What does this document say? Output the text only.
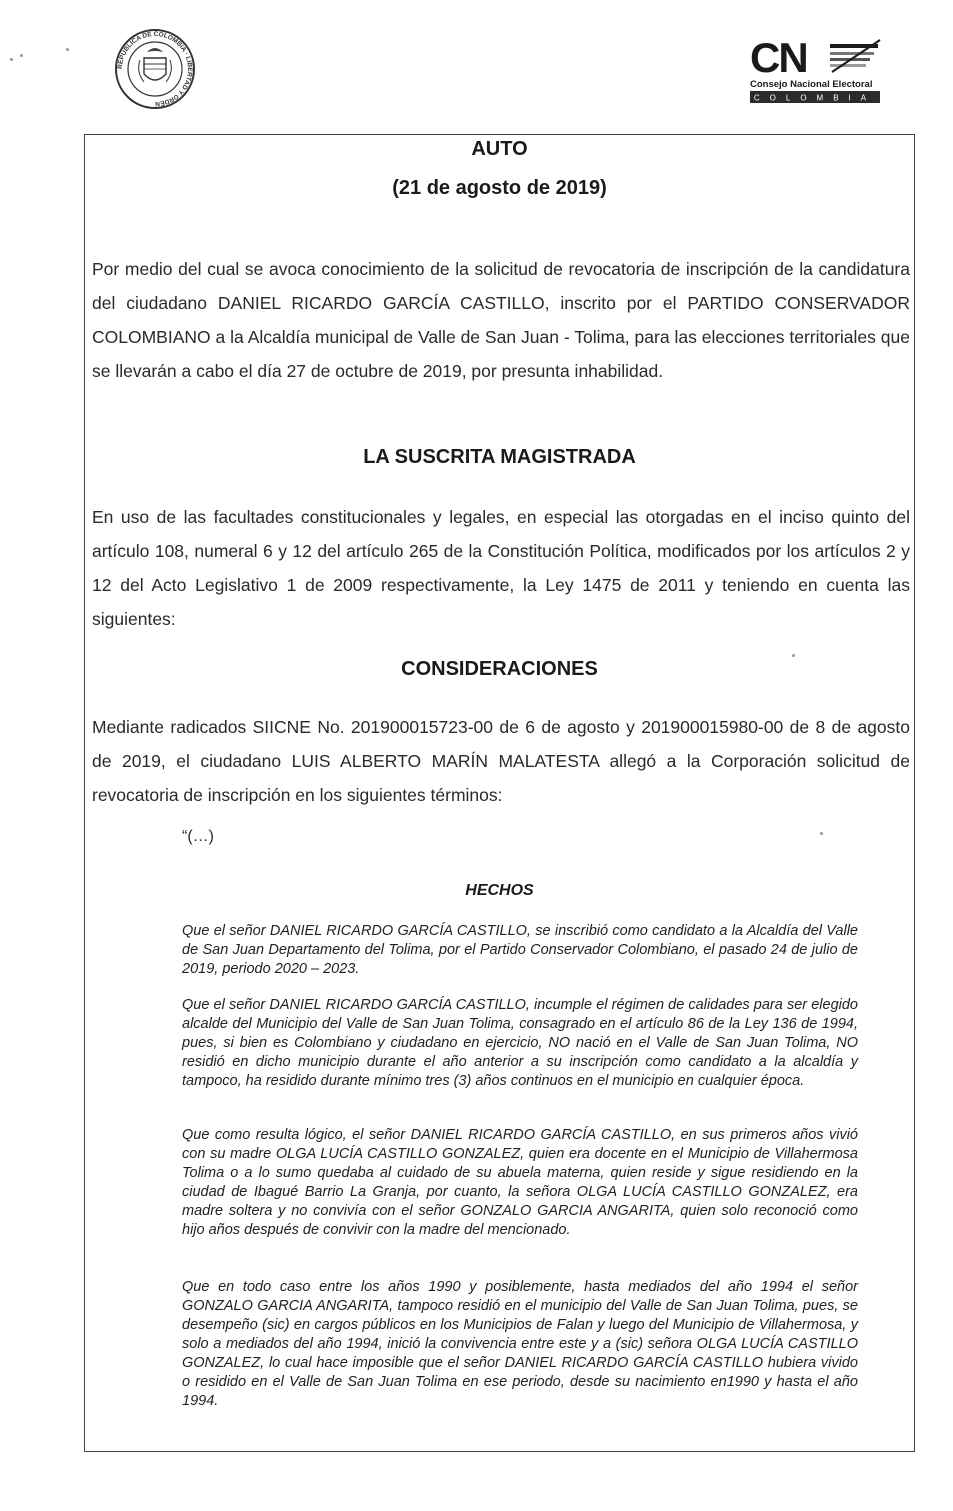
REPÚBLICA DE COLOMBIA · LIBERTAD Y ORDEN
CN
Consejo Nacional Electoral
COLOMBIA
AUTO
(21 de agosto de 2019)
Por medio del cual se avoca conocimiento de la solicitud de revocatoria de inscripción de la candidatura del ciudadano DANIEL RICARDO GARCÍA CASTILLO, inscrito por el PARTIDO CONSERVADOR COLOMBIANO a la Alcaldía municipal de Valle de San Juan - Tolima, para las elecciones territoriales que se llevarán a cabo el día 27 de octubre de 2019, por presunta inhabilidad.
LA SUSCRITA MAGISTRADA
En uso de las facultades constitucionales y legales, en especial las otorgadas en el inciso quinto del artículo 108, numeral 6 y 12 del artículo 265 de la Constitución Política, modificados por los artículos 2 y 12 del Acto Legislativo 1 de 2009 respectivamente, la Ley 1475 de 2011 y teniendo en cuenta las siguientes:
CONSIDERACIONES
Mediante radicados SIICNE No. 201900015723-00 de 6 de agosto y 201900015980-00 de 8 de agosto de 2019, el ciudadano LUIS ALBERTO MARÍN MALATESTA allegó a la Corporación solicitud de revocatoria de inscripción en los siguientes términos:
“(…)
HECHOS
Que el señor DANIEL RICARDO GARCÍA CASTILLO, se inscribió como candidato a la Alcaldía del Valle de San Juan Departamento del Tolima, por el Partido Conservador Colombiano, el pasado 24 de julio de 2019, periodo 2020 – 2023.
Que el señor DANIEL RICARDO GARCÍA CASTILLO, incumple el régimen de calidades para ser elegido alcalde del Municipio del Valle de San Juan Tolima, consagrado en el artículo 86 de la Ley 136 de 1994, pues, si bien es Colombiano y ciudadano en ejercicio, NO nació en el Valle de San Juan Tolima, NO residió en dicho municipio durante el año anterior a su inscripción como candidato a la alcaldía y tampoco, ha residido durante mínimo tres (3) años continuos en el municipio en cualquier época.
Que como resulta lógico, el señor DANIEL RICARDO GARCÍA CASTILLO, en sus primeros años vivió con su madre OLGA LUCÍA CASTILLO GONZALEZ, quien era docente en el Municipio de Villahermosa Tolima o a lo sumo quedaba al cuidado de su abuela materna, quien reside y sigue residiendo en la ciudad de Ibagué Barrio La Granja, por cuanto, la señora OLGA LUCÍA CASTILLO GONZALEZ, era madre soltera y no convivía con el señor GONZALO GARCIA ANGARITA, quien solo reconoció como hijo años después de convivir con la madre del mencionado.
Que en todo caso entre los años 1990 y posiblemente, hasta mediados del año 1994 el señor GONZALO GARCIA ANGARITA, tampoco residió en el municipio del Valle de San Juan Tolima, pues, se desempeño (sic) en cargos públicos en los Municipios de Falan y luego del Municipio de Villahermosa, y solo a mediados del año 1994, inició la convivencia entre este y a (sic) señora OLGA LUCÍA CASTILLO GONZALEZ, lo cual hace imposible que el señor DANIEL RICARDO GARCÍA CASTILLO hubiera vivido o residido en el Valle de San Juan Tolima en ese periodo, desde su nacimiento en1990 y hasta el año 1994.
